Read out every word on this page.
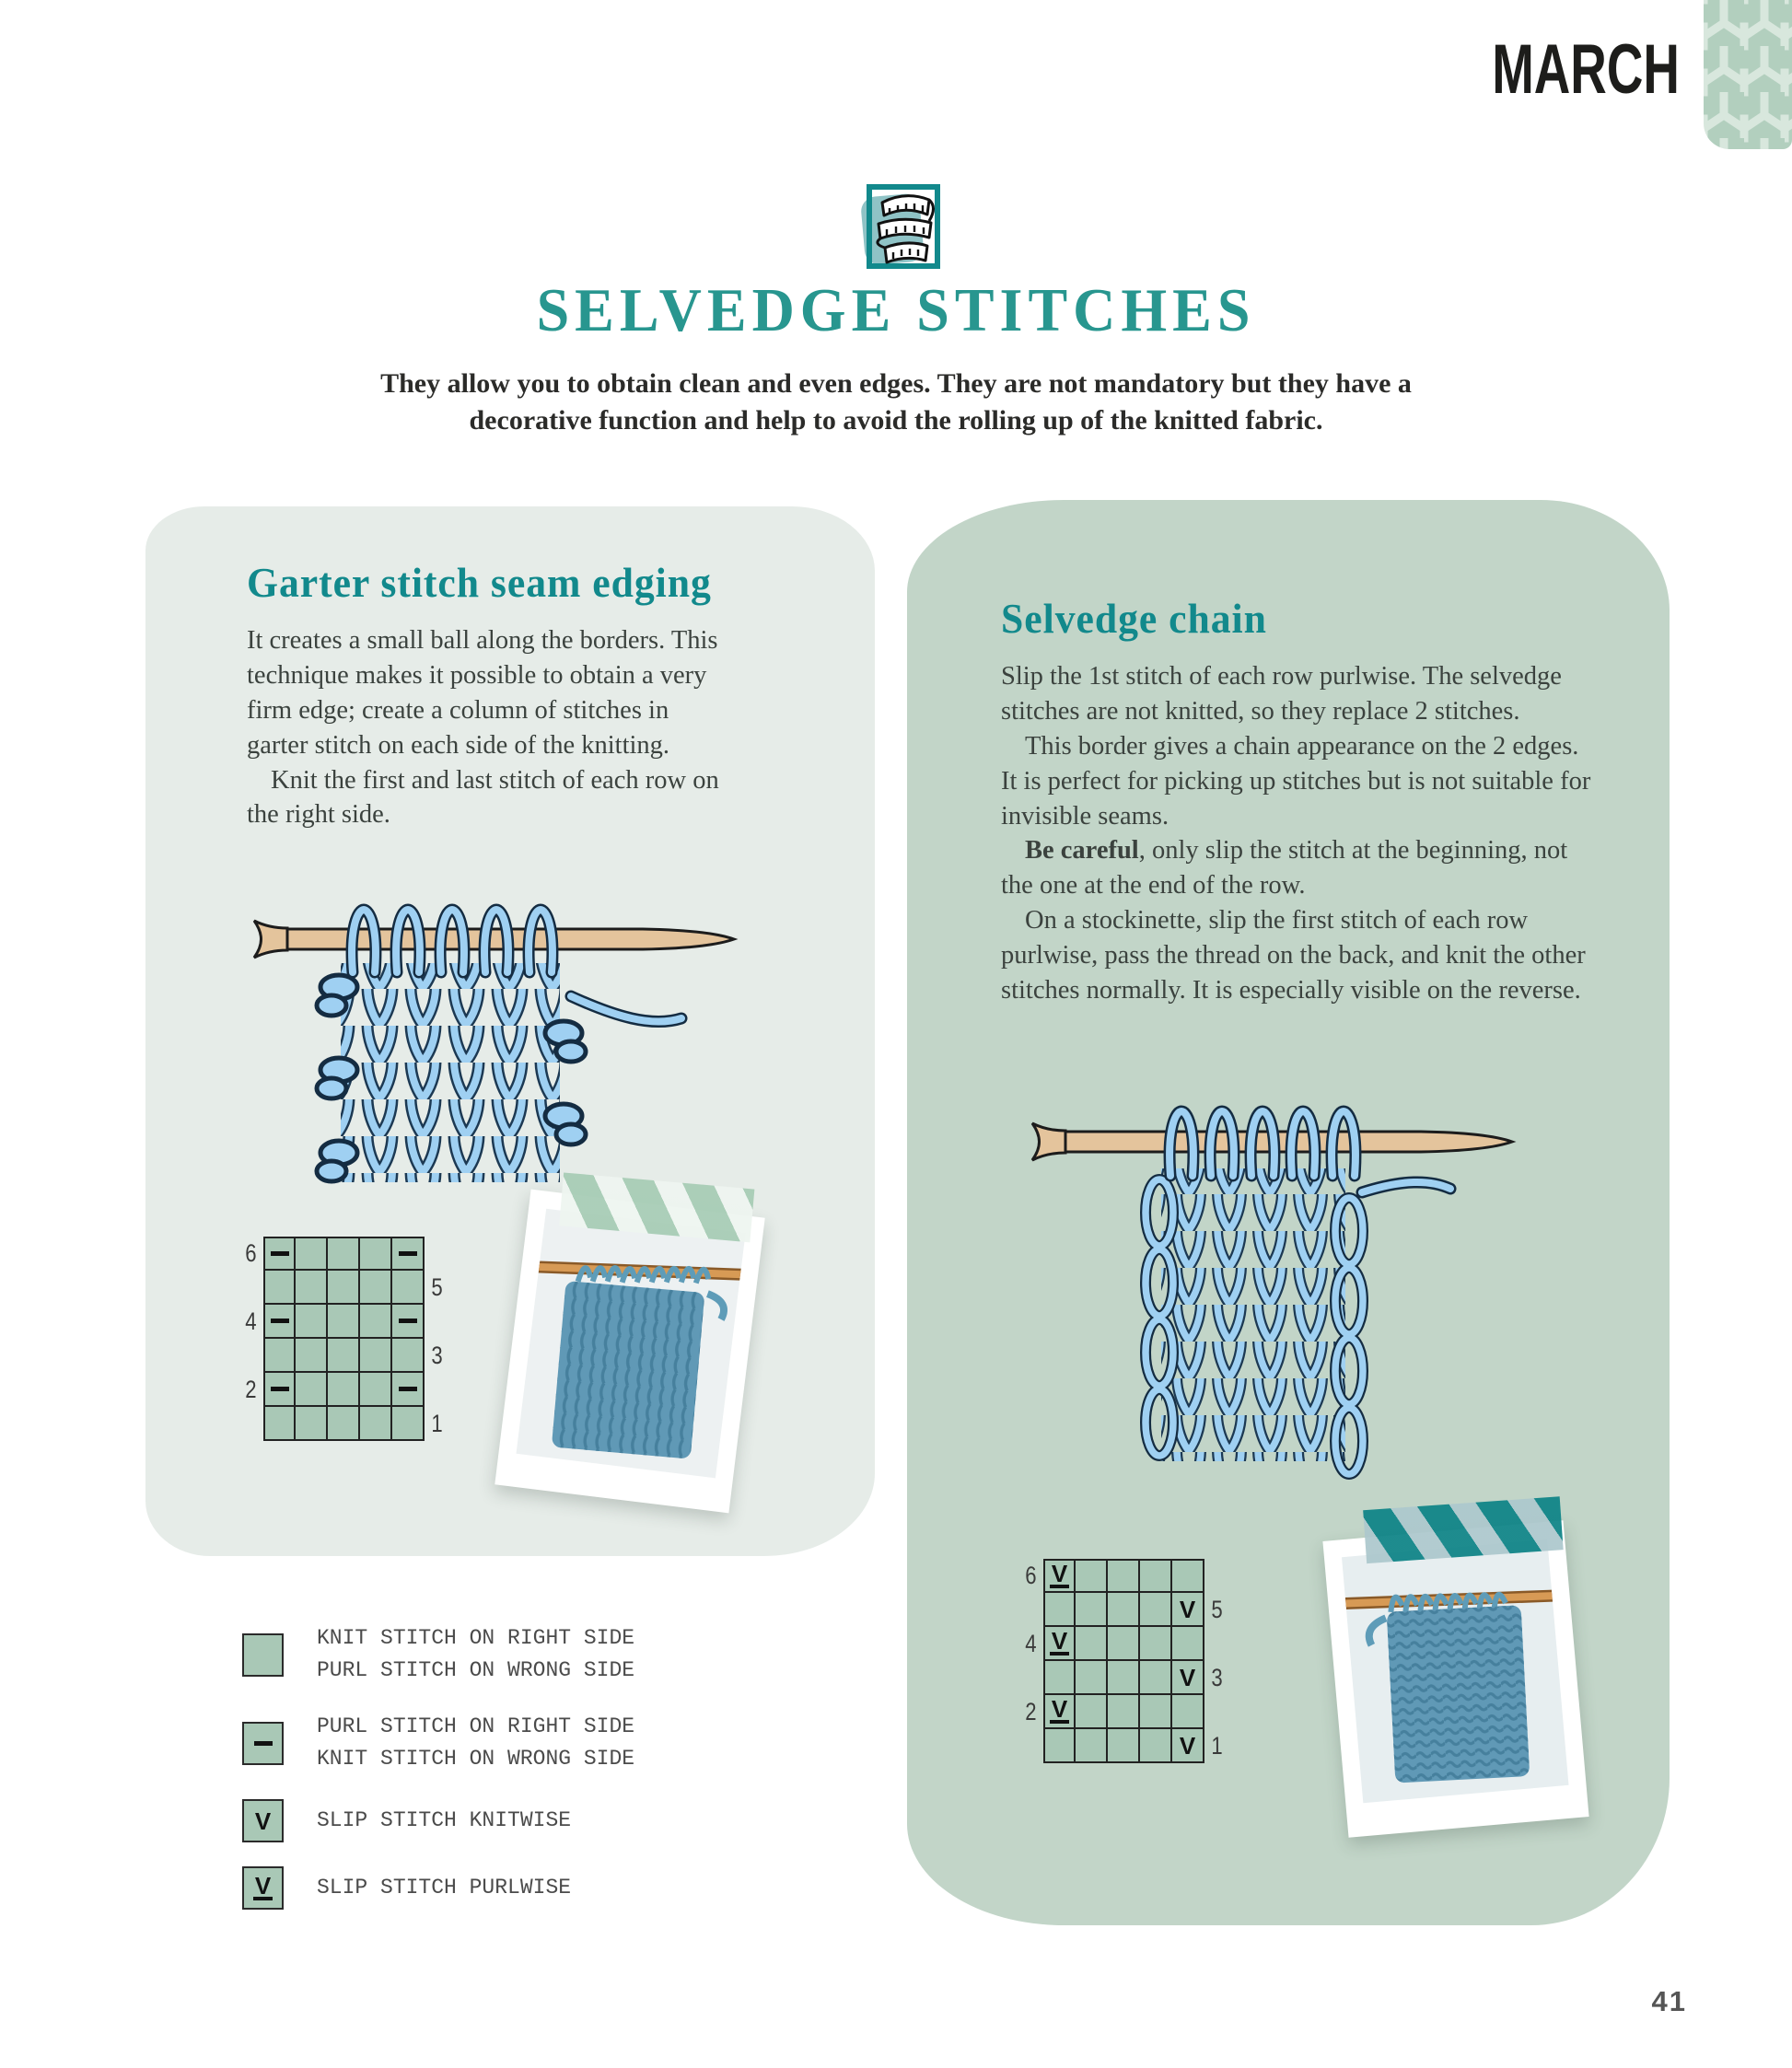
MARCH
SELVEDGE STITCHES
They allow you to obtain clean and even edges. They are not mandatory but they have a decorative function and help to avoid the rolling up of the knitted fabric.
Garter stitch seam edging

It creates a small ball along the borders. This technique makes it possible to obtain a very firm edge; create a column of stitches in garter stitch on each side of the knitting.

Knit the first and last stitch of each row on the right side.

6
5
4
3
2
1
Selvedge chain

Slip the 1st stitch of each row purlwise. The selvedge stitches are not knitted, so they replace 2 stitches.

This border gives a chain appearance on the 2 edges. It is perfect for picking up stitches but is not suitable for invisible seams.

Be careful, only slip the stitch at the beginning, not the one at the end of the row.

On a stockinette, slip the first stitch of each row purlwise, pass the thread on the back, and knit the other stitches normally. It is especially visible on the reverse.

6 V
V 5
4 V
V 3
2 V
V 1
KNIT STITCH ON RIGHT SIDE
PURL STITCH ON WRONG SIDE
PURL STITCH ON RIGHT SIDE
KNIT STITCH ON WRONG SIDE
V SLIP STITCH KNITWISE
V SLIP STITCH PURLWISE
41
